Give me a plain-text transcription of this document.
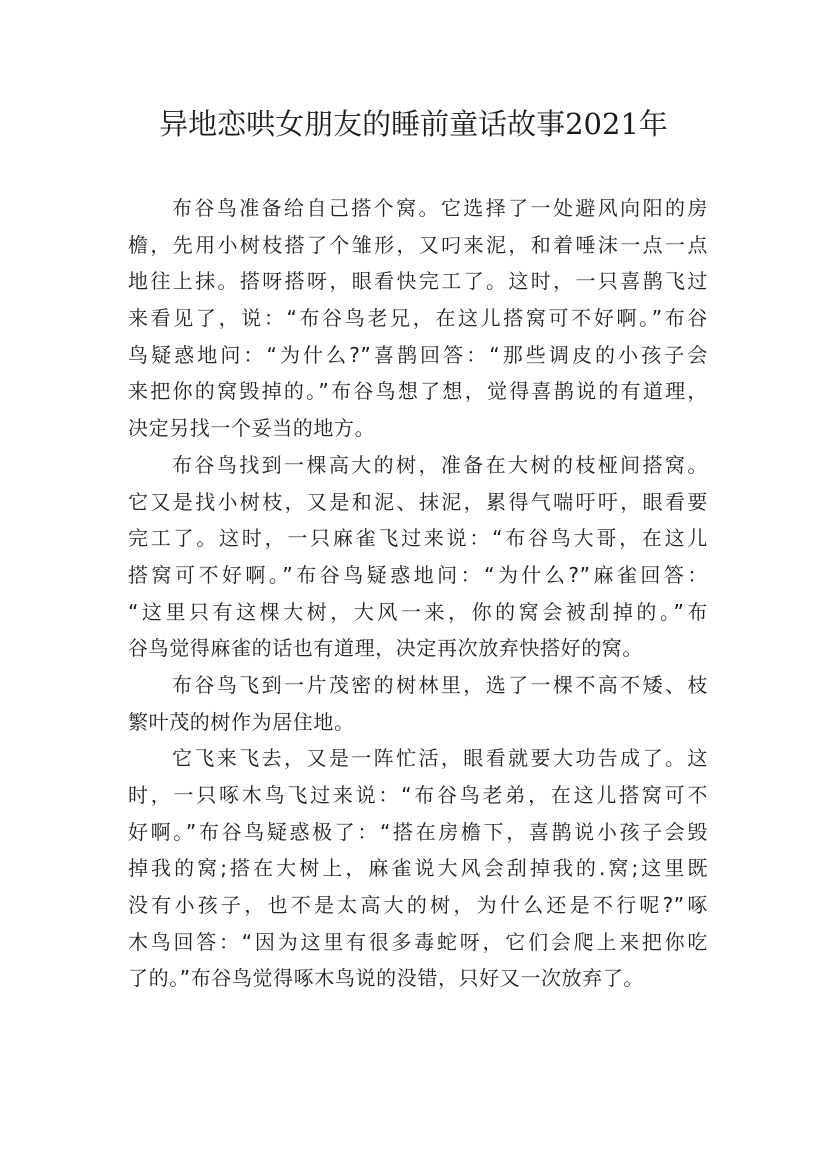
异地恋哄女朋友的睡前童话故事2021年
布谷鸟准备给自己搭个窝。它选择了一处避风向阳的房
檐，先用小树枝搭了个雏形，又叼来泥，和着唾沫一点一点
地往上抹。搭呀搭呀，眼看快完工了。这时，一只喜鹊飞过
来看见了，说：“布谷鸟老兄，在这儿搭窝可不好啊。”布谷
鸟疑惑地问：“为什么?”喜鹊回答：“那些调皮的小孩子会
来把你的窝毁掉的。”布谷鸟想了想，觉得喜鹊说的有道理，
决定另找一个妥当的地方。
布谷鸟找到一棵高大的树，准备在大树的枝桠间搭窝。
它又是找小树枝，又是和泥、抹泥，累得气喘吁吁，眼看要
完工了。这时，一只麻雀飞过来说：“布谷鸟大哥，在这儿
搭窝可不好啊。”布谷鸟疑惑地问：“为什么?”麻雀回答：
“这里只有这棵大树，大风一来，你的窝会被刮掉的。”布
谷鸟觉得麻雀的话也有道理，决定再次放弃快搭好的窝。
布谷鸟飞到一片茂密的树林里，选了一棵不高不矮、枝
繁叶茂的树作为居住地。
它飞来飞去，又是一阵忙活，眼看就要大功告成了。这
时，一只啄木鸟飞过来说：“布谷鸟老弟，在这儿搭窝可不
好啊。”布谷鸟疑惑极了：“搭在房檐下，喜鹊说小孩子会毁
掉我的窝;搭在大树上，麻雀说大风会刮掉我的.窝;这里既
没有小孩子，也不是太高大的树，为什么还是不行呢?”啄
木鸟回答：“因为这里有很多毒蛇呀，它们会爬上来把你吃
了的。”布谷鸟觉得啄木鸟说的没错，只好又一次放弃了。
